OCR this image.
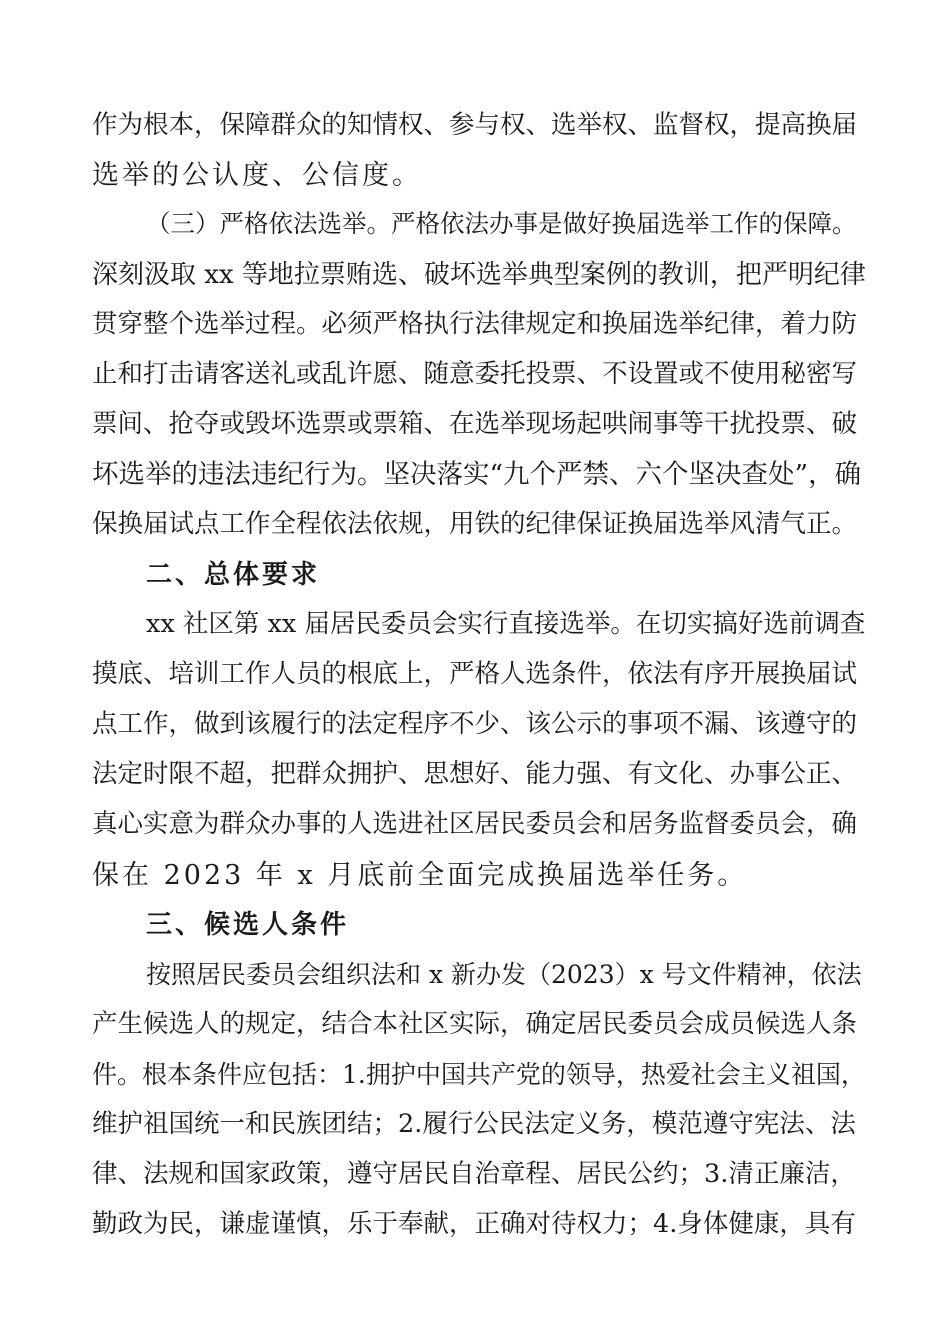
作为根本，保障群众的知情权、参与权、选举权、监督权，提高换届
选举的公认度、公信度。
（三）严格依法选举。严格依法办事是做好换届选举工作的保障。
深刻汲取 xx 等地拉票贿选、破坏选举典型案例的教训，把严明纪律
贯穿整个选举过程。必须严格执行法律规定和换届选举纪律，着力防
止和打击请客送礼或乱许愿、随意委托投票、不设置或不使用秘密写
票间、抢夺或毁坏选票或票箱、在选举现场起哄闹事等干扰投票、破
坏选举的违法违纪行为。坚决落实“九个严禁、六个坚决查处”，确
保换届试点工作全程依法依规，用铁的纪律保证换届选举风清气正。
二、总体要求
xx 社区第 xx 届居民委员会实行直接选举。在切实搞好选前调查
摸底、培训工作人员的根底上，严格人选条件，依法有序开展换届试
点工作，做到该履行的法定程序不少、该公示的事项不漏、该遵守的
法定时限不超，把群众拥护、思想好、能力强、有文化、办事公正、
真心实意为群众办事的人选进社区居民委员会和居务监督委员会，确
保在 2023 年 x 月底前全面完成换届选举任务。
三、候选人条件
按照居民委员会组织法和 x 新办发（2023）x 号文件精神，依法
产生候选人的规定，结合本社区实际，确定居民委员会成员候选人条
件。根本条件应包括：1.拥护中国共产党的领导，热爱社会主义祖国，
维护祖国统一和民族团结；2.履行公民法定义务，模范遵守宪法、法
律、法规和国家政策，遵守居民自治章程、居民公约；3.清正廉洁，
勤政为民，谦虚谨慎，乐于奉献，正确对待权力；4.身体健康，具有
